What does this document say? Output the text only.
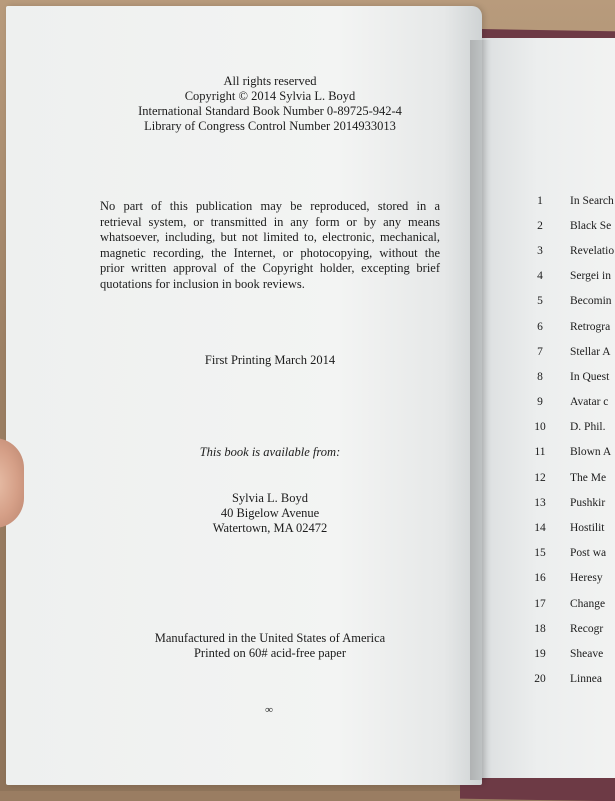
1	In Search
2	Black Se
3	Revelatio
4	Sergei in
5	Becomin
6	Retrogra
7	Stellar A
8	In Quest
9	Avatar c
10	D. Phil.
11	Blown A
12	The Me
13	Pushkir
14	Hostilit
15	Post wa
16	Heresy
17	Change
18	Recogr
19	Sheave
20	Linnea
All rights reserved
Copyright © 2014 Sylvia L. Boyd
International Standard Book Number 0-89725-942-4
Library of Congress Control Number 2014933013
No part of this publication may be reproduced, stored in a
retrieval system, or transmitted in any form or by any means
whatsoever, including, but not limited to, electronic, mechanical,
magnetic recording, the Internet, or photocopying, without the
prior written approval of the Copyright holder, excepting brief
quotations for inclusion in book reviews.
First Printing March 2014
This book is available from:
Sylvia L. Boyd
40 Bigelow Avenue
Watertown, MA 02472
Manufactured in the United States of America
Printed on 60# acid-free paper
∞
